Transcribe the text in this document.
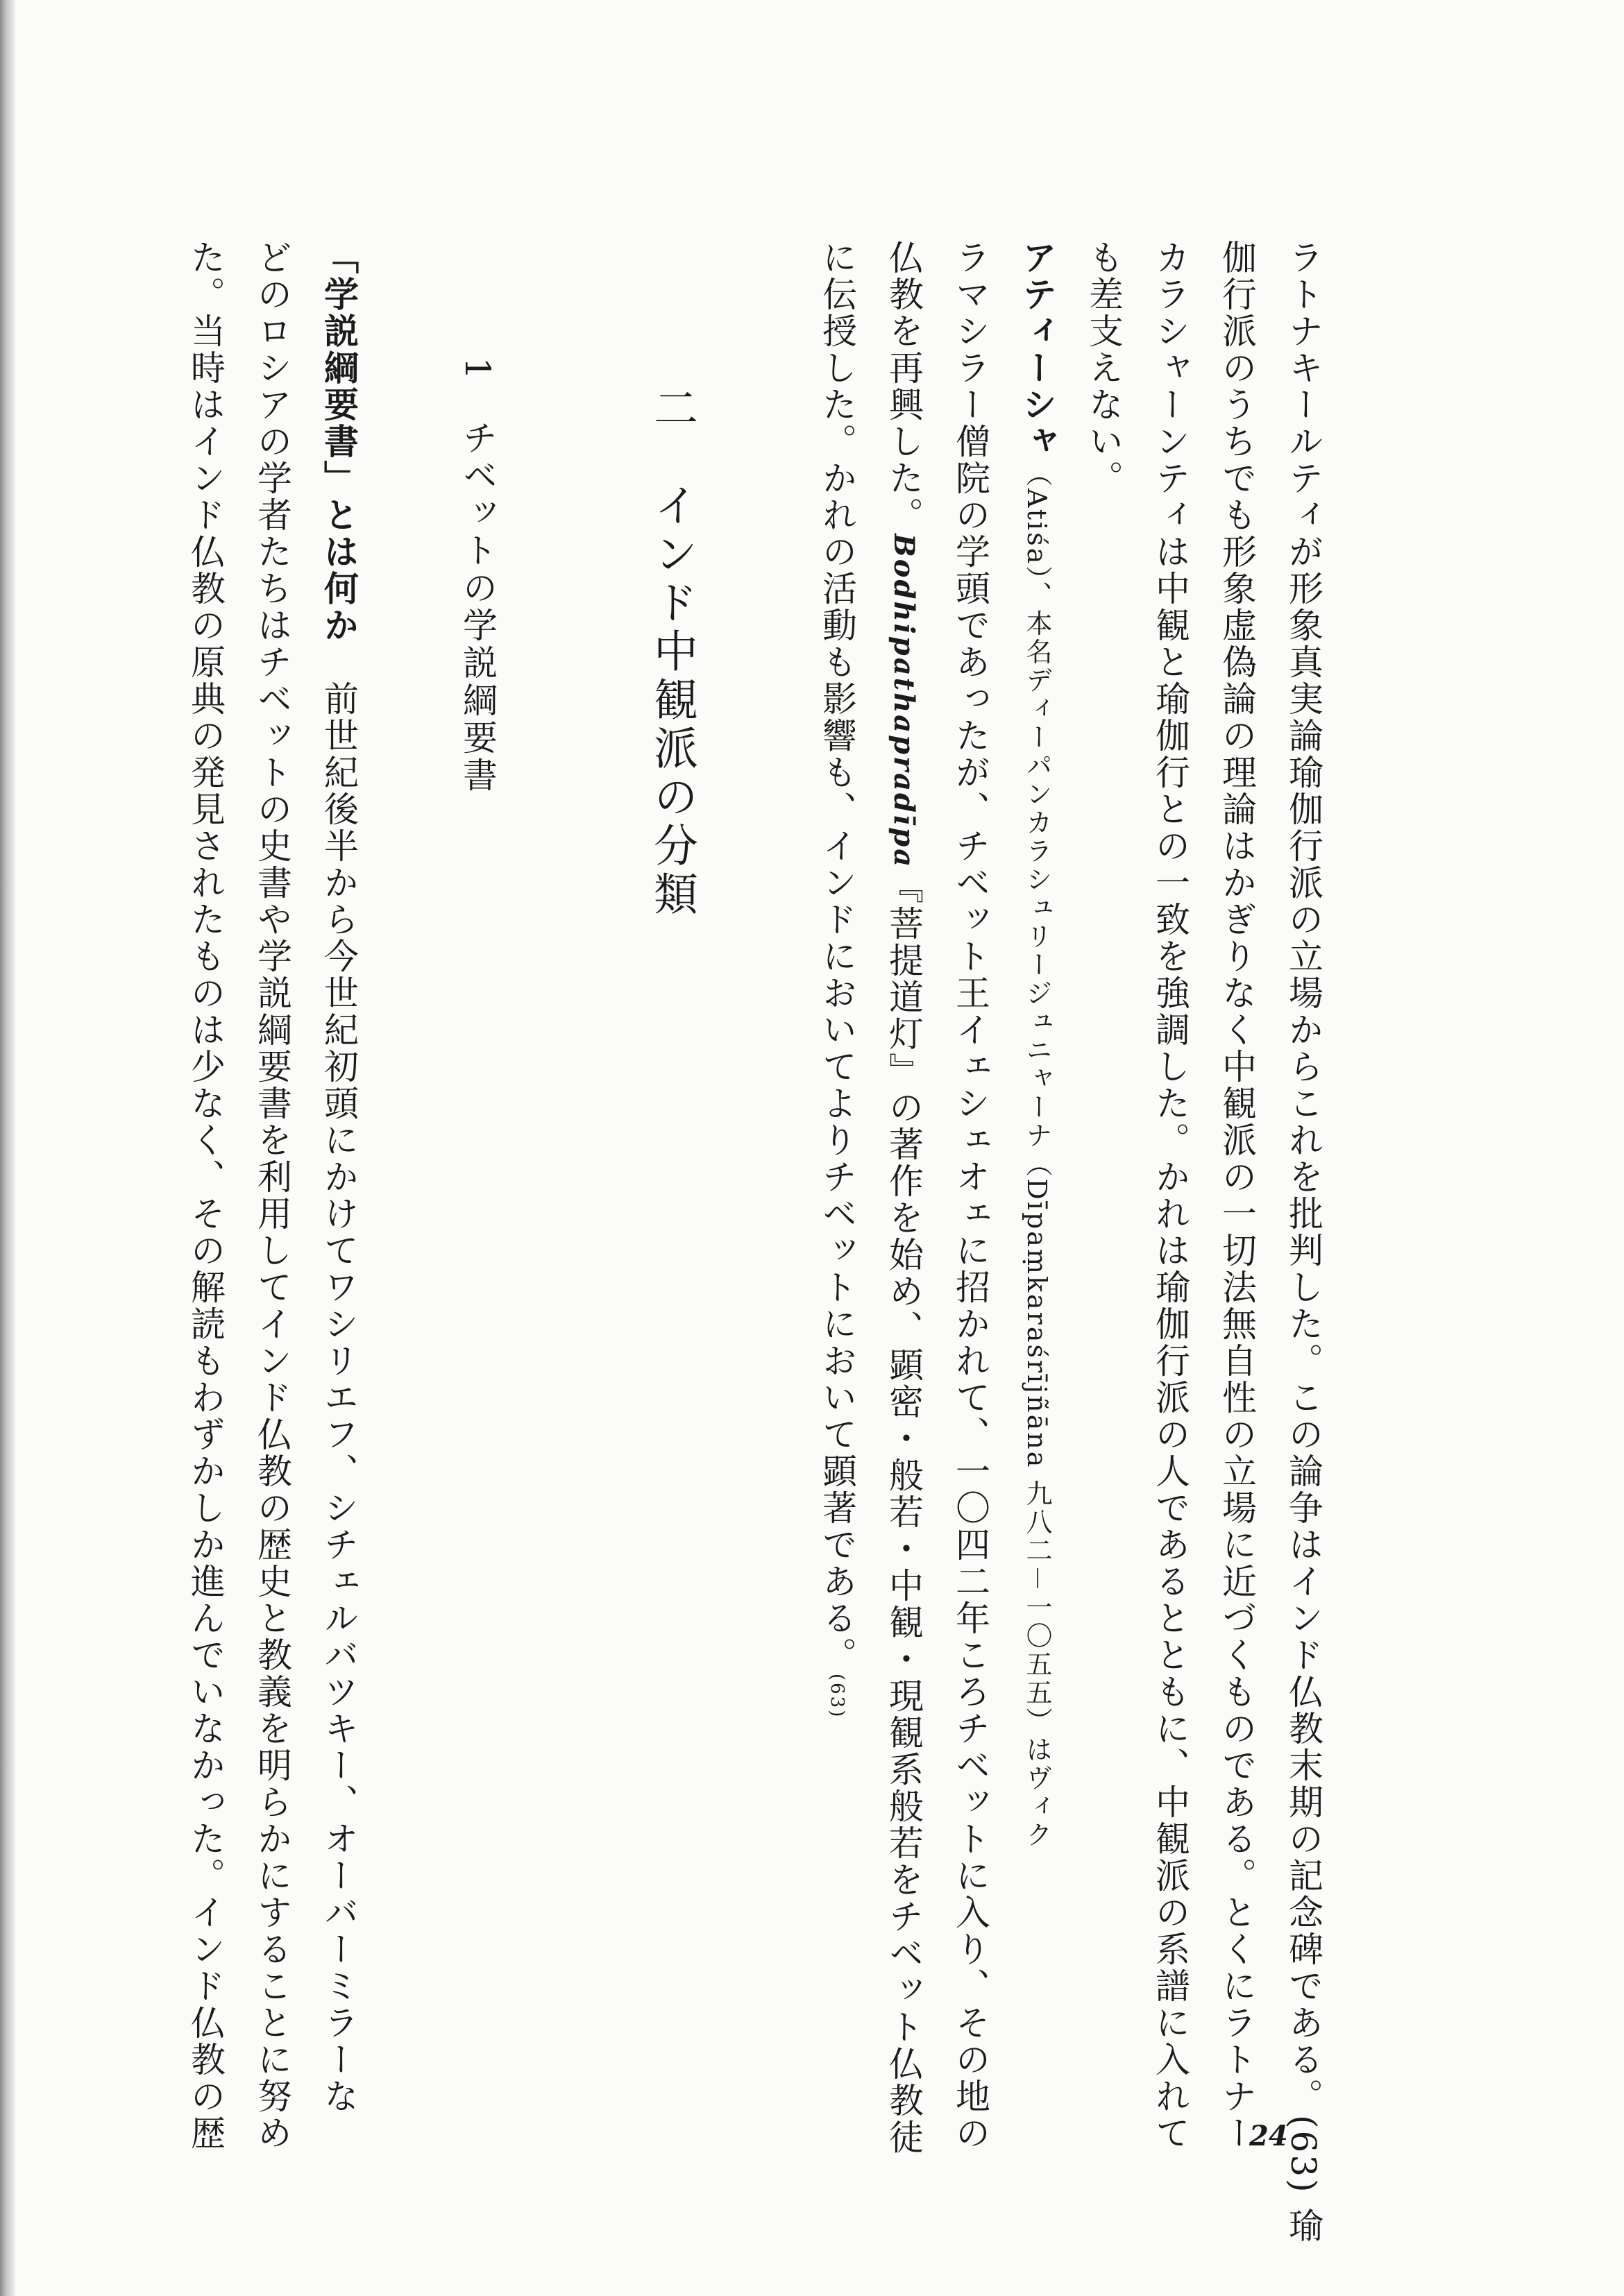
ラトナキールティが形象真実論瑜伽行派の立場からこれを批判した。この論争はインド仏教末期の記念碑である。(63) 瑜
伽行派のうちでも形象虚偽論の理論はかぎりなく中観派の一切法無自性の立場に近づくものである。とくにラトナー
カラシャーンティは中観と瑜伽行との一致を強調した。かれは瑜伽行派の人であるとともに、中観派の系譜に入れて
も差支えない。
アティーシャ（Atiśa）、本名ディーパンカラシュリージュニャーナ（Dīpaṃkaraśrījñāna 九八二－一〇五五）はヴィク
ラマシラー僧院の学頭であったが、チベット王イェシェオェに招かれて、一〇四二年ころチベットに入り、その地の
仏教を再興した。Bodhipathapradīpa『菩提道灯』の著作を始め、顕密・般若・中観・現観系般若をチベット仏教徒
に伝授した。かれの活動も影響も、インドにおいてよりチベットにおいて顕著である。(63)
二　インド中観派の分類
1　チベットの学説綱要書
「学説綱要書」とは何か　前世紀後半から今世紀初頭にかけてワシリエフ、シチェルバツキー、オーバーミラーな
どのロシアの学者たちはチベットの史書や学説綱要書を利用してインド仏教の歴史と教義を明らかにすることに努め
た。当時はインド仏教の原典の発見されたものは少なく、その解読もわずかしか進んでいなかった。インド仏教の歴	24
